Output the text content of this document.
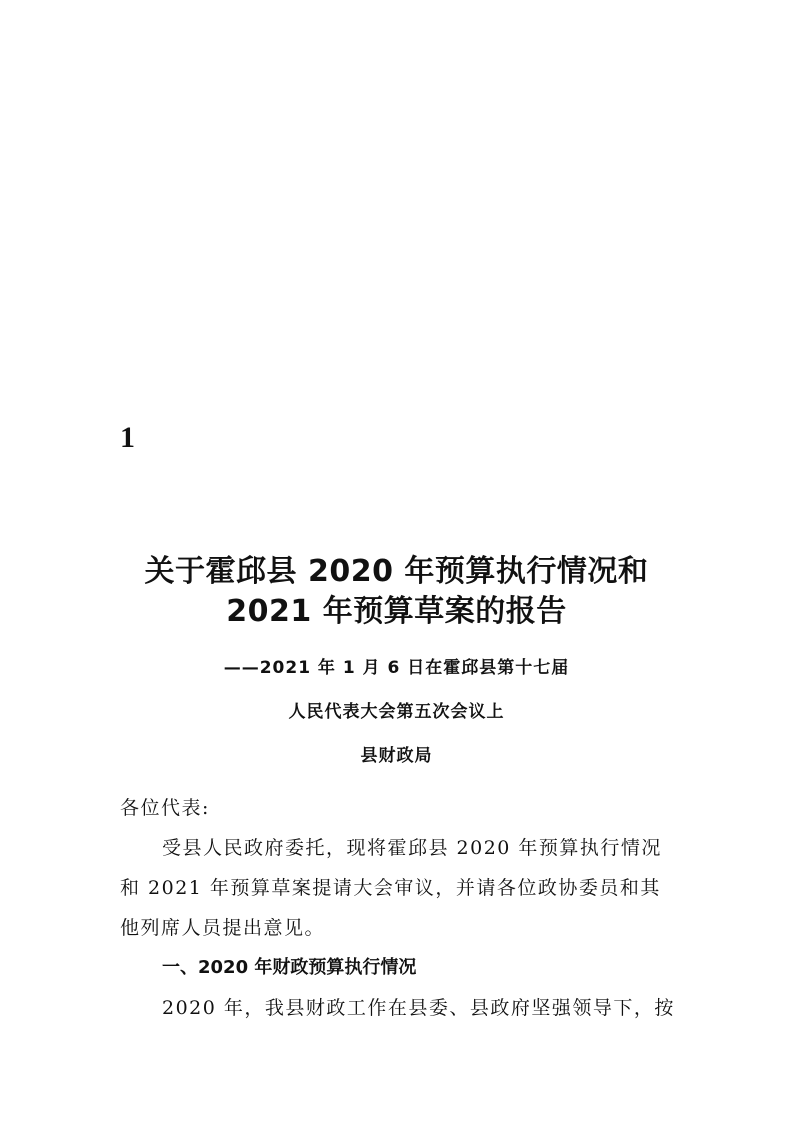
1
关于霍邱县 2020 年预算执行情况和
2021 年预算草案的报告
——2021 年 1 月 6 日在霍邱县第十七届
人民代表大会第五次会议上
县财政局

各位代表:

受县人民政府委托，现将霍邱县 2020 年预算执行情况

和 2021 年预算草案提请大会审议，并请各位政协委员和其

他列席人员提出意见。

一、2020 年财政预算执行情况

2020 年，我县财政工作在县委、县政府坚强领导下，按
